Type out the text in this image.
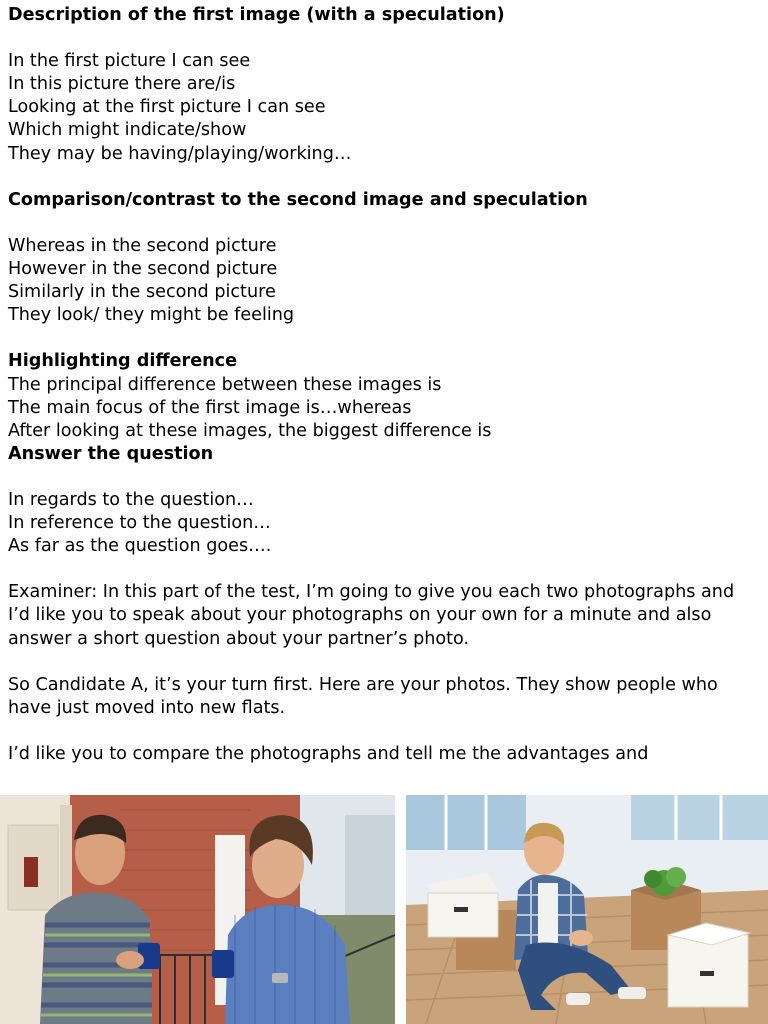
Description of the first image (with a speculation)
In the first picture I can see
In this picture there are/is
Looking at the first picture I can see
Which might indicate/show
They may be having/playing/working…
Comparison/contrast to the second image and speculation
Whereas in the second picture
However in the second picture
Similarly in the second picture
They look/ they might be feeling
Highlighting difference
The principal difference between these images is
The main focus of the first image is…whereas
After looking at these images, the biggest difference is
Answer the question
In regards to the question…
In reference to the question…
As far as the question goes….
Examiner: In this part of the test, I’m going to give you each two photographs and I’d like you to speak about your photographs on your own for a minute and also answer a short question about your partner’s photo.
So Candidate A, it’s your turn first. Here are your photos. They show people who have just moved into new flats.
I’d like you to compare the photographs and tell me the advantages and
